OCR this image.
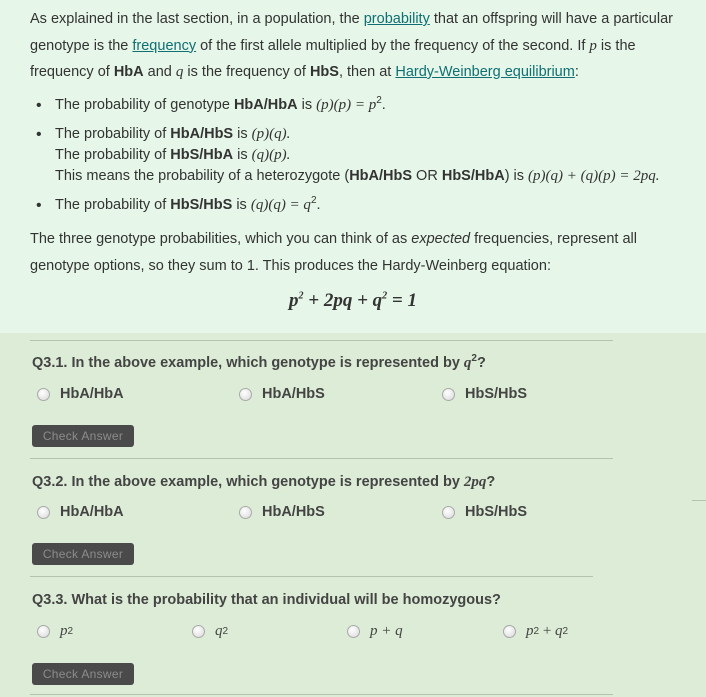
As explained in the last section, in a population, the probability that an offspring will have a particular genotype is the frequency of the first allele multiplied by the frequency of the second. If p is the frequency of HbA and q is the frequency of HbS, then at Hardy-Weinberg equilibrium:

• The probability of genotype HbA/HbA is $(p)(p) = p^2$.
• The probability of HbA/HbS is (p)(q).
The probability of HbS/HbA is (q)(p).
This means the probability of a heterozygote (HbA/HbS OR HbS/HbA) is (p)(q) + (q)(p) = 2pq.
• The probability of HbS/HbS is $(q)(q) = q^2$.

The three genotype probabilities, which you can think of as expected frequencies, represent all genotype options, so they sum to 1. This produces the Hardy-Weinberg equation:

$p^2 + 2pq + q^2 = 1$
Q3.1. In the above example, which genotype is represented by $q^2$?
HbA/HbA	HbA/HbS	HbS/HbS
Check Answer
Q3.2. In the above example, which genotype is represented by 2pq?
HbA/HbA	HbA/HbS	HbS/HbS
Check Answer
Q3.3. What is the probability that an individual will be homozygous?
p 2	q 2	p + q	p 2 + q 2
Check Answer
